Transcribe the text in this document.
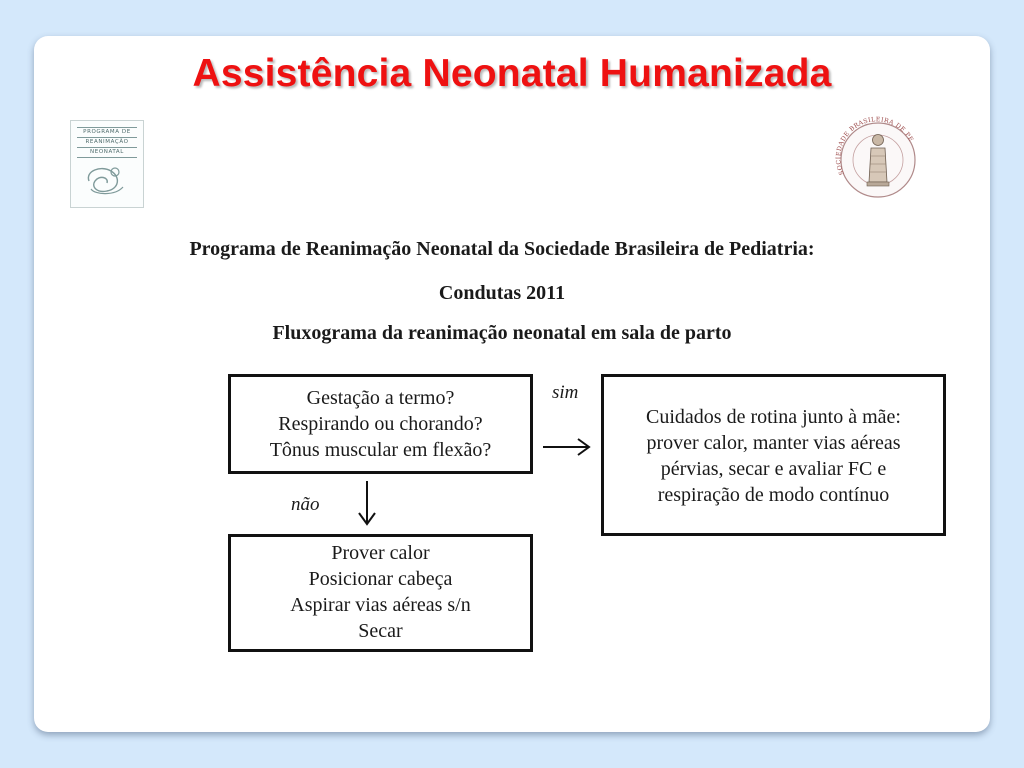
Assistência Neonatal Humanizada
PROGRAMA DE
REANIMAÇÃO
NEONATAL
SOCIEDADE BRASILEIRA DE PE
Programa de Reanimação Neonatal da Sociedade Brasileira de Pediatria:
Condutas 2011
Fluxograma da reanimação neonatal em sala de parto
Gestação a termo?
Respirando ou chorando?
Tônus muscular em flexão?
sim
Cuidados de rotina junto à mãe:
prover calor, manter vias aéreas
pérvias, secar e avaliar FC e
respiração de modo contínuo
não
Prover calor
Posicionar cabeça
Aspirar vias aéreas s/n
Secar
